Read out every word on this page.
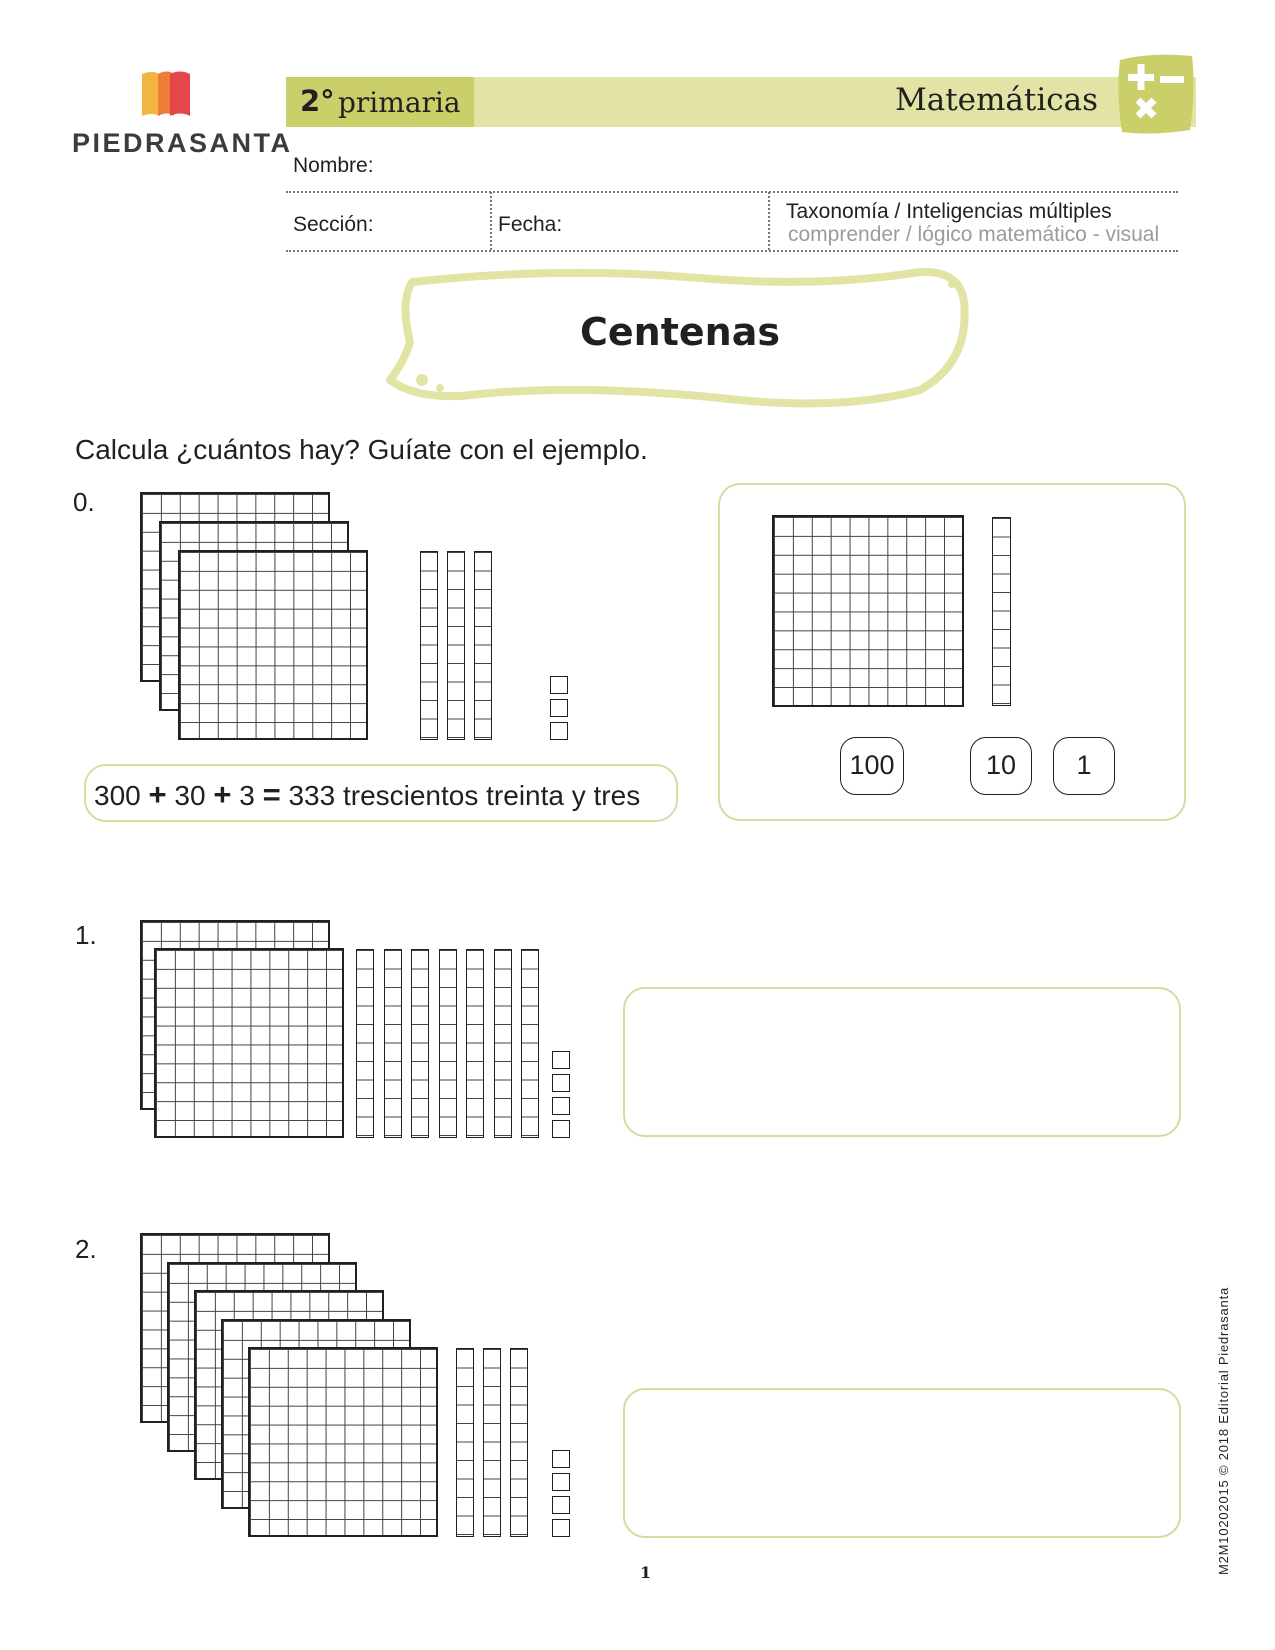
PIEDRASANTA
2° primaria	Matemáticas
Nombre:
Sección:	Fecha:
Taxonomía / Inteligencias múltiples
comprender / lógico matemático - visual
Centenas
Calcula ¿cuántos hay? Guíate con el ejemplo.
0.
300 + 30 + 3 = 333 trescientos treinta y tres
100	10	1
1.
2.
1	M2M10202015 © 2018 Editorial Piedrasanta
